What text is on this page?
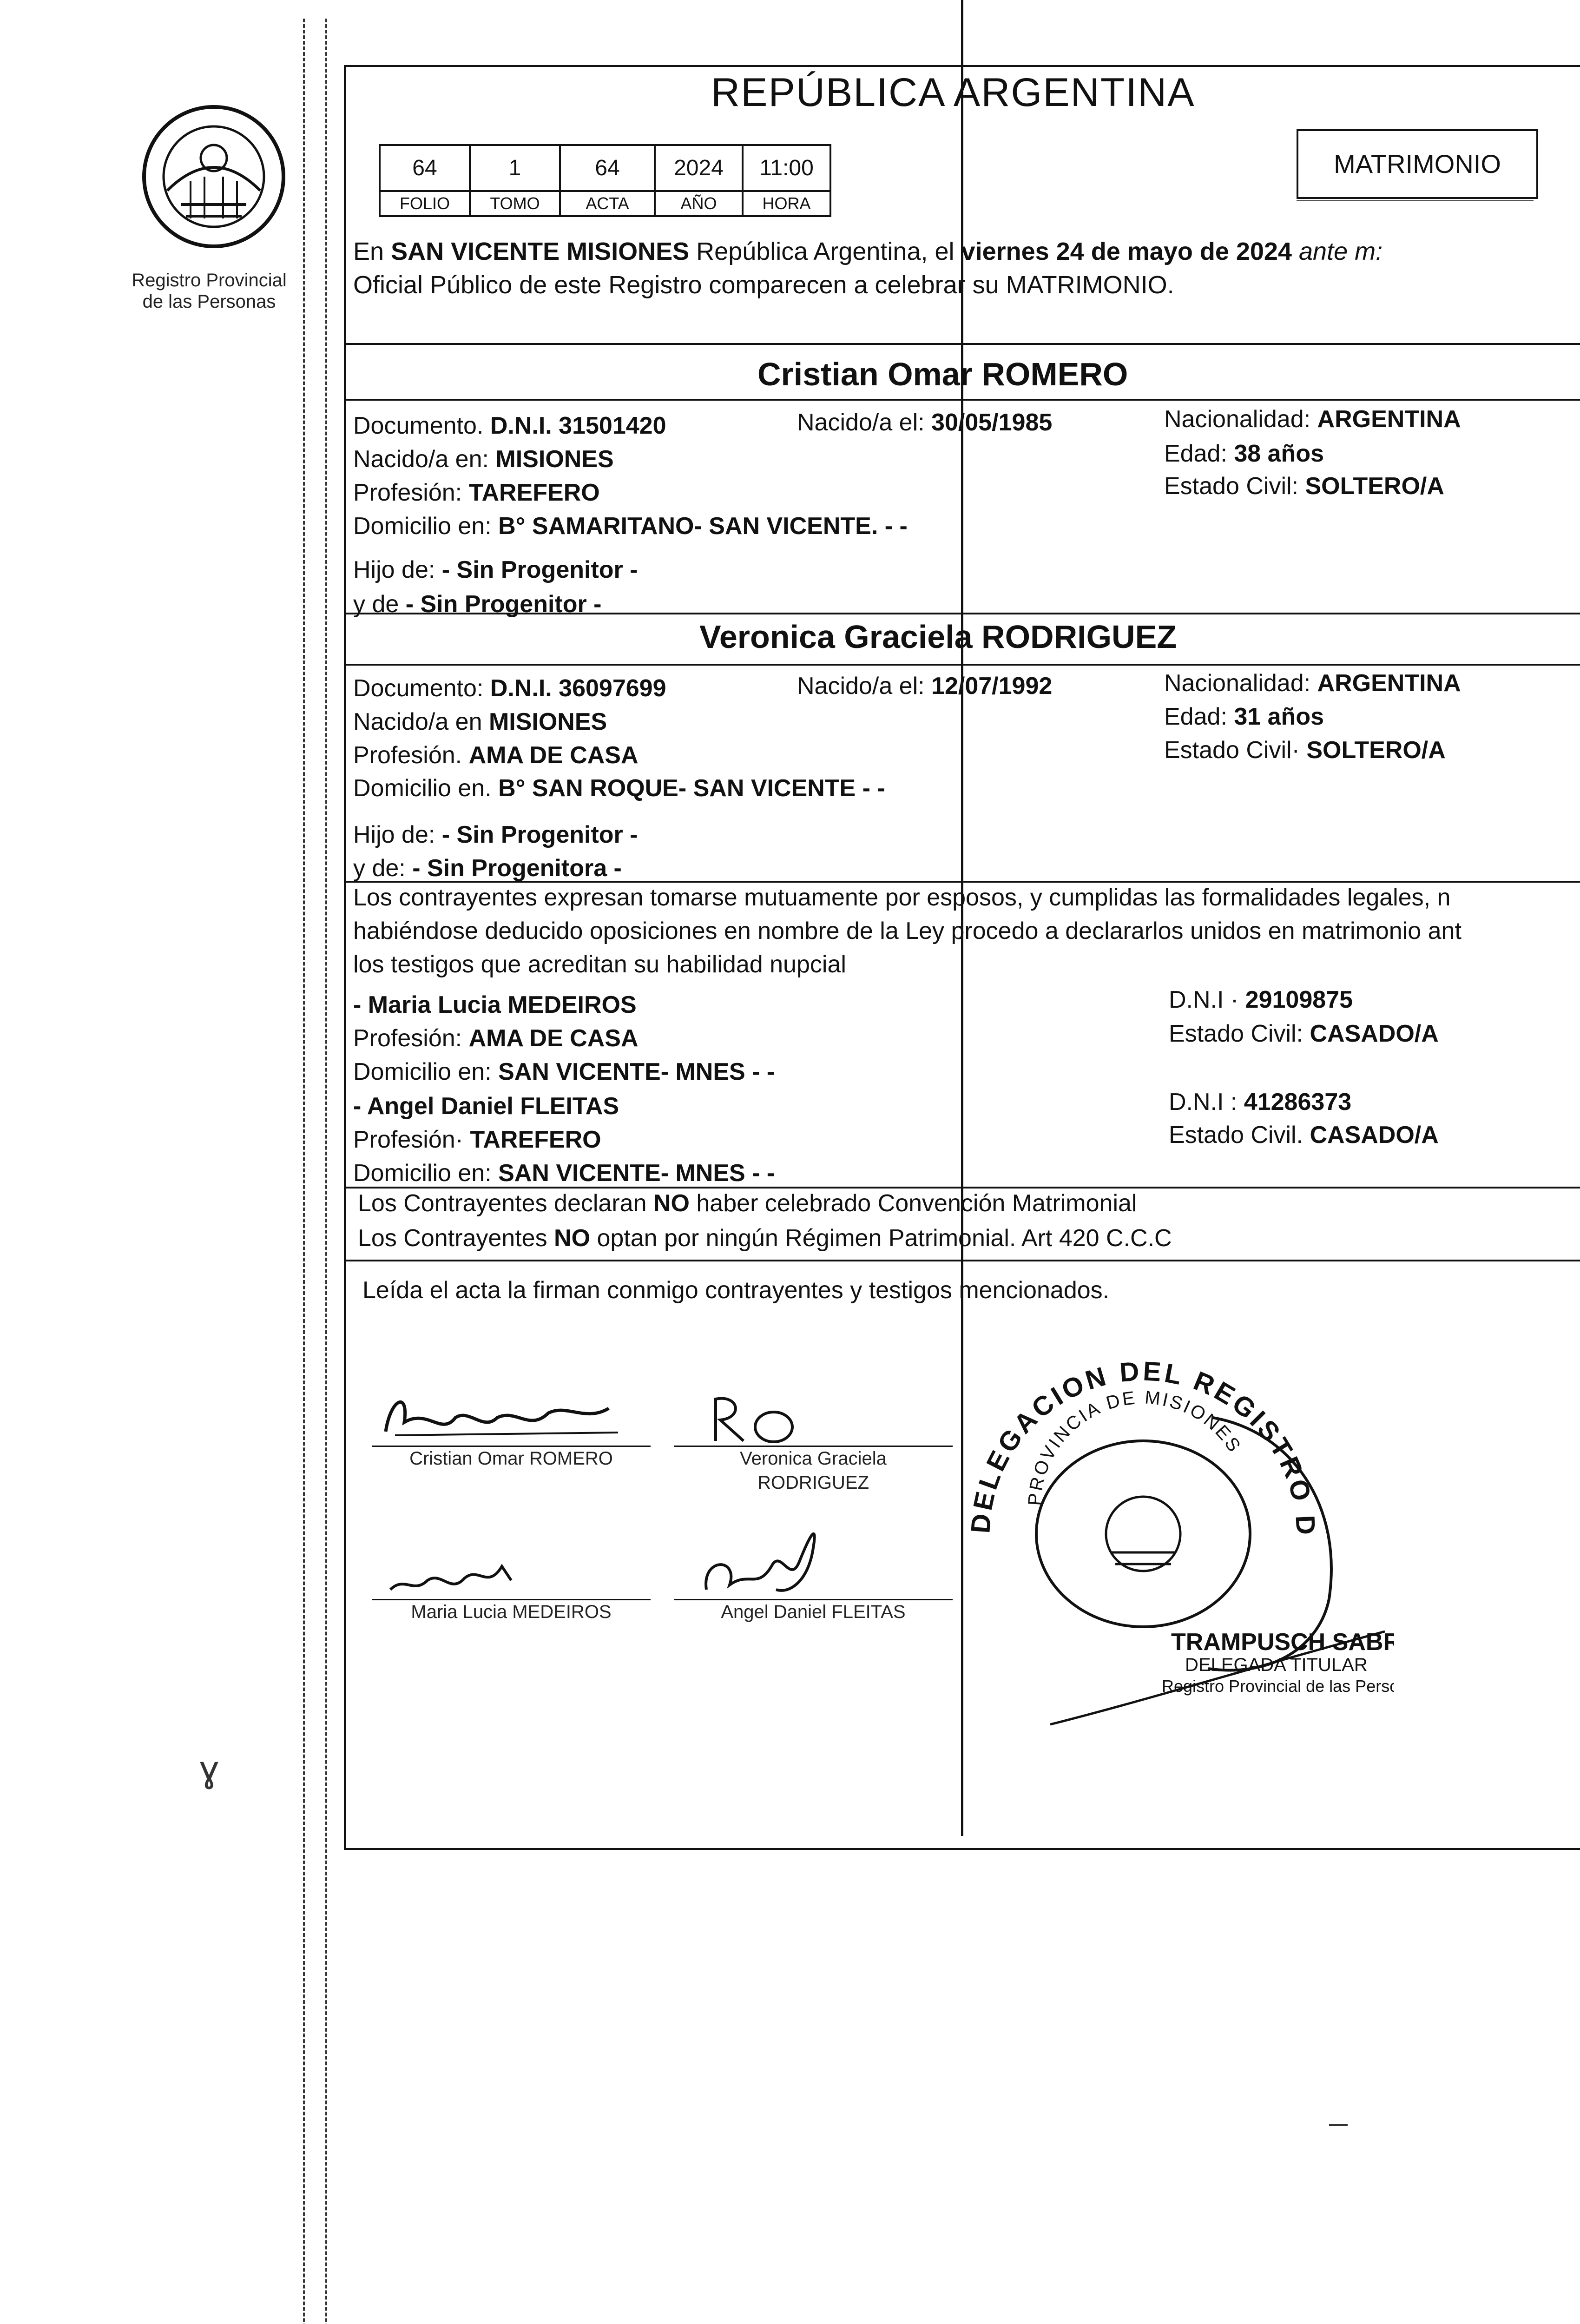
Registro Provincial
de las Personas
REPÚBLICA ARGENTINA
64	1	64	2024	11:00
FOLIO	TOMO	ACTA	AÑO	HORA
MATRIMONIO
En SAN VICENTE MISIONES República Argentina, el viernes 24 de mayo de 2024 ante m:
Oficial Público de este Registro comparecen a celebrar su MATRIMONIO.
Cristian Omar ROMERO
Documento. D.N.I. 31501420	Nacido/a el: 30/05/1985	Nacionalidad: ARGENTINA
Nacido/a en: MISIONES	Edad: 38 años
Profesión: TAREFERO	Estado Civil: SOLTERO/A
Domicilio en: B° SAMARITANO- SAN VICENTE. - -
Hijo de: - Sin Progenitor -
y de - Sin Progenitor -
Veronica Graciela RODRIGUEZ
Documento: D.N.I. 36097699	Nacido/a el: 12/07/1992	Nacionalidad: ARGENTINA
Nacido/a en MISIONES	Edad: 31 años
Profesión. AMA DE CASA	Estado Civil· SOLTERO/A
Domicilio en. B° SAN ROQUE- SAN VICENTE - -
Hijo de: - Sin Progenitor -
y de: - Sin Progenitora -
Los contrayentes expresan tomarse mutuamente por esposos, y cumplidas las formalidades legales, n
habiéndose deducido oposiciones en nombre de la Ley procedo a declararlos unidos en matrimonio ant
los testigos que acreditan su habilidad nupcial
- Maria Lucia MEDEIROS	D.N.I · 29109875
Profesión: AMA DE CASA	Estado Civil: CASADO/A
Domicilio en: SAN VICENTE- MNES - -
- Angel Daniel FLEITAS	D.N.I : 41286373
Profesión· TAREFERO	Estado Civil. CASADO/A
Domicilio en: SAN VICENTE- MNES - -
Los Contrayentes declaran NO haber celebrado Convención Matrimonial
Los Contrayentes NO optan por ningún Régimen Patrimonial. Art 420 C.C.C
Leída el acta la firman conmigo contrayentes y testigos mencionados.
Cristian Omar ROMERO	Veronica Graciela
RODRIGUEZ
Maria Lucia MEDEIROS	Angel Daniel FLEITAS
DELEGACION DEL REGISTRO D
PROVINCIA DE MISIONES
TRAMPUSCH SABR
DELEGADA TITULAR
Registro Provincial de las Pers
ɣ
